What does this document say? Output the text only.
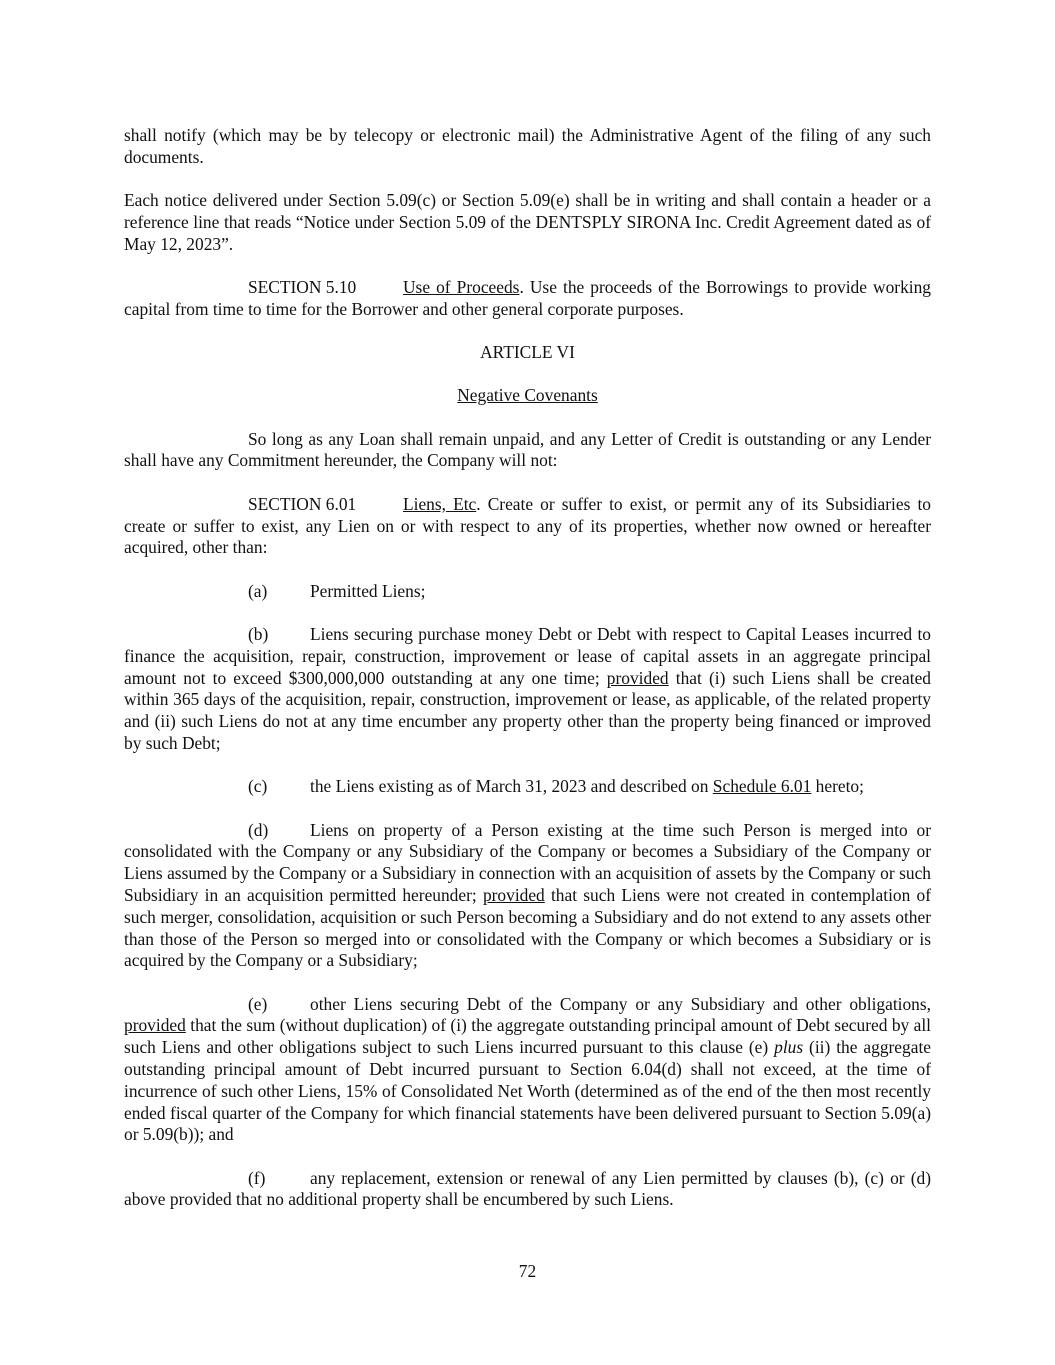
shall notify (which may be by telecopy or electronic mail) the Administrative Agent of the filing of any such documents.

Each notice delivered under Section 5.09(c) or Section 5.09(e) shall be in writing and shall contain a header or a reference line that reads “Notice under Section 5.09 of the DENTSPLY SIRONA Inc. Credit Agreement dated as of May 12, 2023”.

SECTION 5.10	Use of Proceeds. Use the proceeds of the Borrowings to provide working capital from time to time for the Borrower and other general corporate purposes.

ARTICLE VI

Negative Covenants

So long as any Loan shall remain unpaid, and any Letter of Credit is outstanding or any Lender shall have any Commitment hereunder, the Company will not:

SECTION 6.01	Liens, Etc. Create or suffer to exist, or permit any of its Subsidiaries to create or suffer to exist, any Lien on or with respect to any of its properties, whether now owned or hereafter acquired, other than:

(a) Permitted Liens;

(b) Liens securing purchase money Debt or Debt with respect to Capital Leases incurred to finance the acquisition, repair, construction, improvement or lease of capital assets in an aggregate principal amount not to exceed $300,000,000 outstanding at any one time; provided that (i) such Liens shall be created within 365 days of the acquisition, repair, construction, improvement or lease, as applicable, of the related property and (ii) such Liens do not at any time encumber any property other than the property being financed or improved by such Debt;

(c) the Liens existing as of March 31, 2023 and described on Schedule 6.01 hereto;

(d) Liens on property of a Person existing at the time such Person is merged into or consolidated with the Company or any Subsidiary of the Company or becomes a Subsidiary of the Company or Liens assumed by the Company or a Subsidiary in connection with an acquisition of assets by the Company or such Subsidiary in an acquisition permitted hereunder; provided that such Liens were not created in contemplation of such merger, consolidation, acquisition or such Person becoming a Subsidiary and do not extend to any assets other than those of the Person so merged into or consolidated with the Company or which becomes a Subsidiary or is acquired by the Company or a Subsidiary;

(e) other Liens securing Debt of the Company or any Subsidiary and other obligations, provided that the sum (without duplication) of (i) the aggregate outstanding principal amount of Debt secured by all such Liens and other obligations subject to such Liens incurred pursuant to this clause (e) plus (ii) the aggregate outstanding principal amount of Debt incurred pursuant to Section 6.04(d) shall not exceed, at the time of incurrence of such other Liens, 15% of Consolidated Net Worth (determined as of the end of the then most recently ended fiscal quarter of the Company for which financial statements have been delivered pursuant to Section 5.09(a) or 5.09(b)); and

(f)	any replacement, extension or renewal of any Lien permitted by clauses (b), (c) or (d) above provided that no additional property shall be encumbered by such Liens.

72
